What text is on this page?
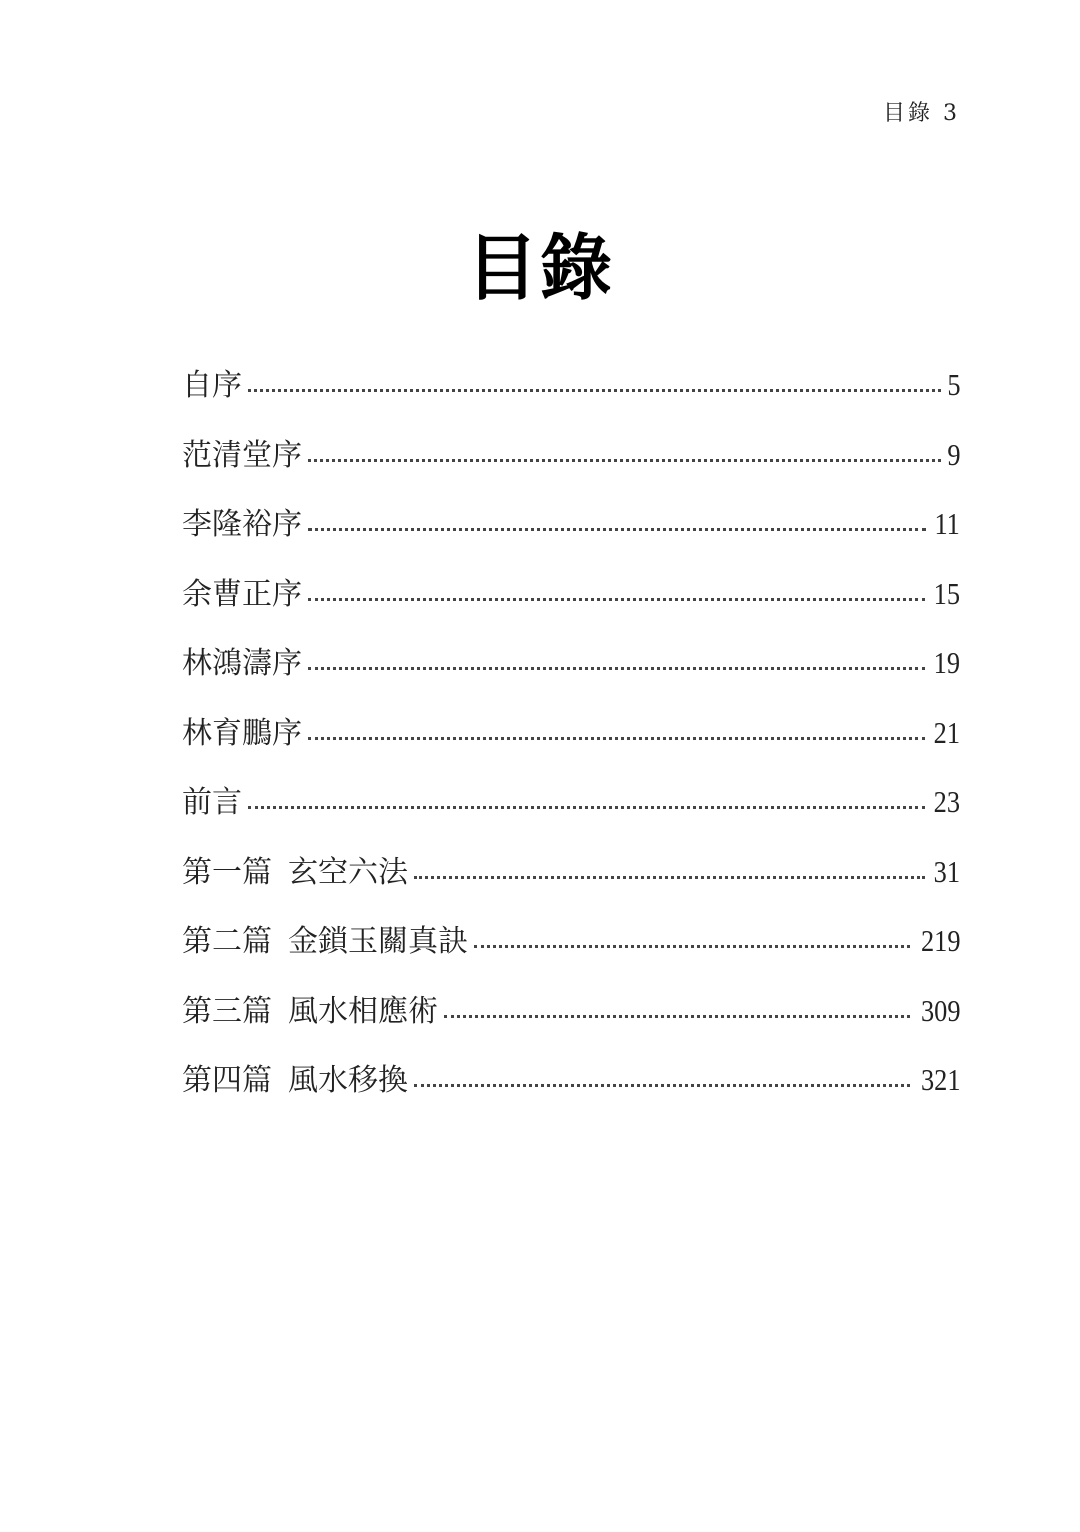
目錄 3
目錄
自序	5
范清堂序	9
李隆裕序	11
余曹正序	15
林鴻濤序	19
林育鵬序	21
前言	23
第一篇 玄空六法	31
第二篇 金鎖玉關真訣	219
第三篇 風水相應術	309
第四篇 風水移換	321
